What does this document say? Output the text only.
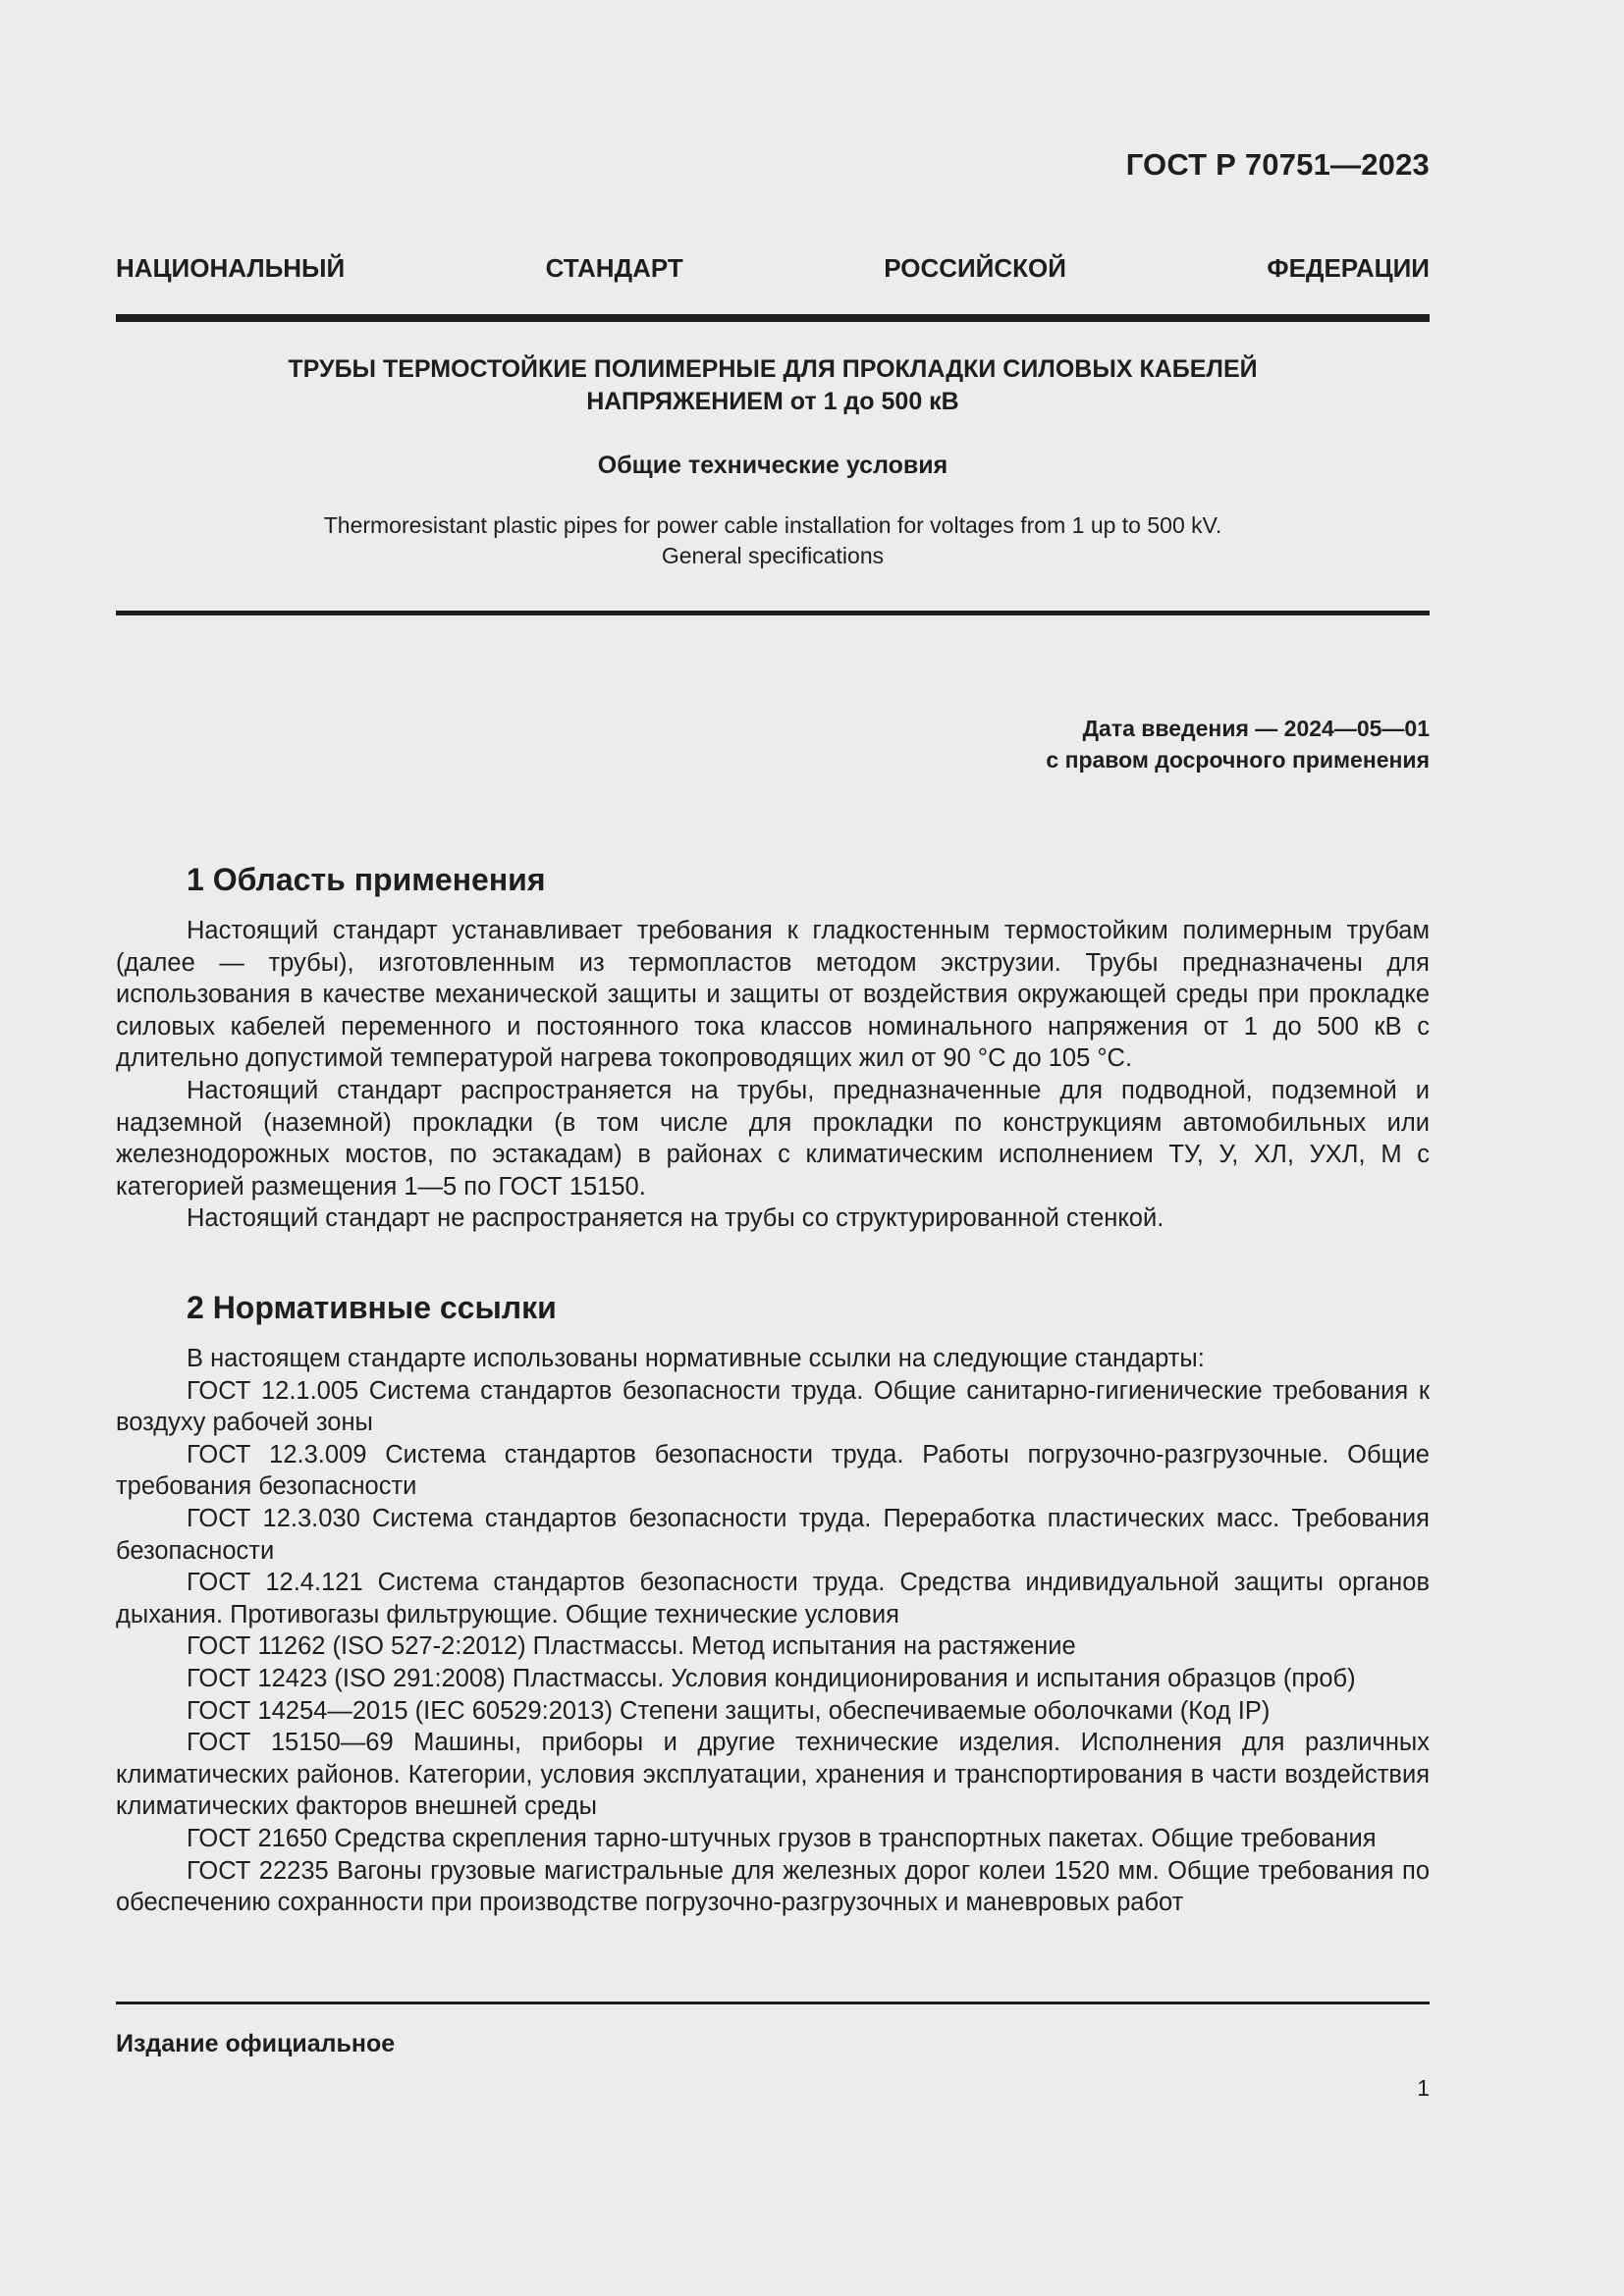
ГОСТ Р 70751—2023
НАЦИОНАЛЬНЫЙ СТАНДАРТ РОССИЙСКОЙ ФЕДЕРАЦИИ
ТРУБЫ ТЕРМОСТОЙКИЕ ПОЛИМЕРНЫЕ ДЛЯ ПРОКЛАДКИ СИЛОВЫХ КАБЕЛЕЙ
НАПРЯЖЕНИЕМ от 1 до 500 кВ
Общие технические условия
Thermoresistant plastic pipes for power cable installation for voltages from 1 up to 500 kV.
General specifications
Дата введения — 2024—05—01
с правом досрочного применения
1 Область применения

Настоящий стандарт устанавливает требования к гладкостенным термостойким полимерным трубам (далее — трубы), изготовленным из термопластов методом экструзии. Трубы предназначены для использования в качестве механической защиты и защиты от воздействия окружающей среды при прокладке силовых кабелей переменного и постоянного тока классов номинального напряжения от 1 до 500 кВ с длительно допустимой температурой нагрева токопроводящих жил от 90 °С до 105 °С.

Настоящий стандарт распространяется на трубы, предназначенные для подводной, подземной и надземной (наземной) прокладки (в том числе для прокладки по конструкциям автомобильных или железнодорожных мостов, по эстакадам) в районах с климатическим исполнением ТУ, У, ХЛ, УХЛ, М с категорией размещения 1—5 по ГОСТ 15150.

Настоящий стандарт не распространяется на трубы со структурированной стенкой.

2 Нормативные ссылки

В настоящем стандарте использованы нормативные ссылки на следующие стандарты:

ГОСТ 12.1.005 Система стандартов безопасности труда. Общие санитарно-гигиенические требования к воздуху рабочей зоны

ГОСТ 12.3.009 Система стандартов безопасности труда. Работы погрузочно-разгрузочные. Общие требования безопасности

ГОСТ 12.3.030 Система стандартов безопасности труда. Переработка пластических масс. Требования безопасности

ГОСТ 12.4.121 Система стандартов безопасности труда. Средства индивидуальной защиты органов дыхания. Противогазы фильтрующие. Общие технические условия

ГОСТ 11262 (ISO 527-2:2012) Пластмассы. Метод испытания на растяжение

ГОСТ 12423 (ISO 291:2008) Пластмассы. Условия кондиционирования и испытания образцов (проб)

ГОСТ 14254—2015 (IEC 60529:2013) Степени защиты, обеспечиваемые оболочками (Код IP)

ГОСТ 15150—69 Машины, приборы и другие технические изделия. Исполнения для различных климатических районов. Категории, условия эксплуатации, хранения и транспортирования в части воздействия климатических факторов внешней среды

ГОСТ 21650 Средства скрепления тарно-штучных грузов в транспортных пакетах. Общие требования

ГОСТ 22235 Вагоны грузовые магистральные для железных дорог колеи 1520 мм. Общие требования по обеспечению сохранности при производстве погрузочно-разгрузочных и маневровых работ

Издание официальное
1
